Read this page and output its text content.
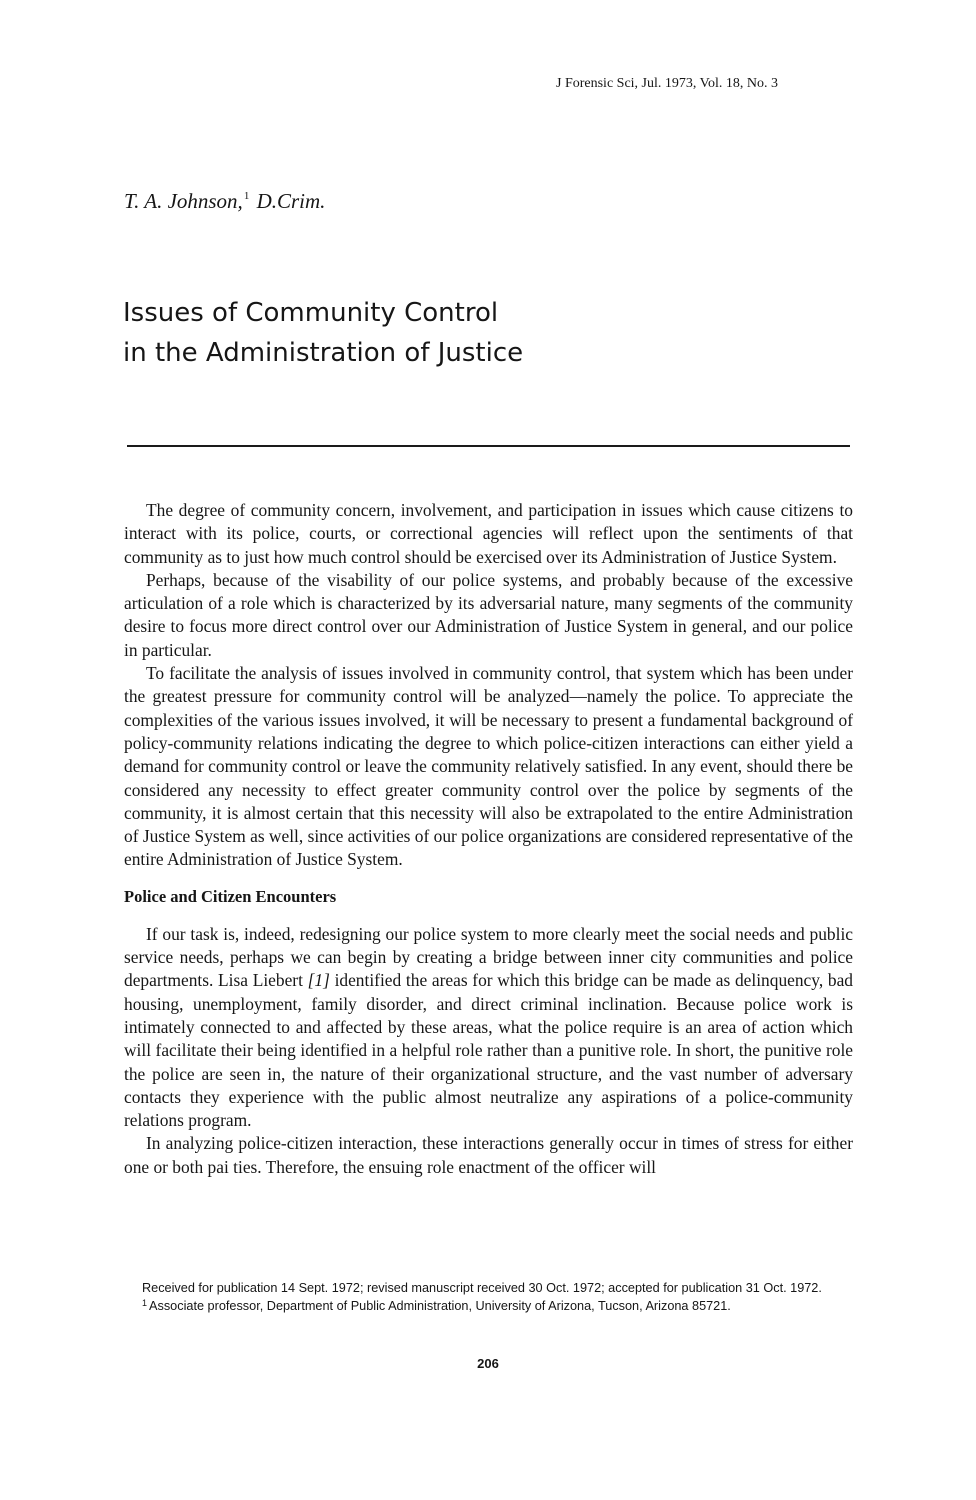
J Forensic Sci, Jul. 1973, Vol. 18, No. 3
T. A. Johnson,$^1$ D.Crim.
Issues of Community Control
in the Administration of Justice

The degree of community concern, involvement, and participation in issues which cause citizens to interact with its police, courts, or correctional agencies will reflect upon the sentiments of that community as to just how much control should be exercised over its Administration of Justice System.

Perhaps, because of the visability of our police systems, and probably because of the excessive articulation of a role which is characterized by its adversarial nature, many segments of the community desire to focus more direct control over our Administration of Justice System in general, and our police in particular.

To facilitate the analysis of issues involved in community control, that system which has been under the greatest pressure for community control will be analyzed—namely the police. To appreciate the complexities of the various issues involved, it will be necessary to present a fundamental background of policy-community relations indicating the degree to which police-citizen interactions can either yield a demand for community control or leave the community relatively satisfied. In any event, should there be considered any necessity to effect greater community control over the police by segments of the community, it is almost certain that this necessity will also be extrapolated to the entire Administration of Justice System as well, since activities of our police organizations are considered representative of the entire Administration of Justice System.

Police and Citizen Encounters

If our task is, indeed, redesigning our police system to more clearly meet the social needs and public service needs, perhaps we can begin by creating a bridge between inner city communities and police departments. Lisa Liebert [1] identified the areas for which this bridge can be made as delinquency, bad housing, unemployment, family disorder, and direct criminal inclination. Because police work is intimately connected to and affected by these areas, what the police require is an area of action which will facilitate their being identified in a helpful role rather than a punitive role. In short, the punitive role the police are seen in, the nature of their organizational structure, and the vast number of adversary contacts they experience with the public almost neutralize any aspirations of a police-community relations program.

In analyzing police-citizen interaction, these interactions generally occur in times of stress for either one or both pai ties. Therefore, the ensuing role enactment of the officer will

Received for publication 14 Sept. 1972; revised manuscript received 30 Oct. 1972; accepted for publication 31 Oct. 1972.

$^1$ Associate professor, Department of Public Administration, University of Arizona, Tucson, Arizona 85721.

206
